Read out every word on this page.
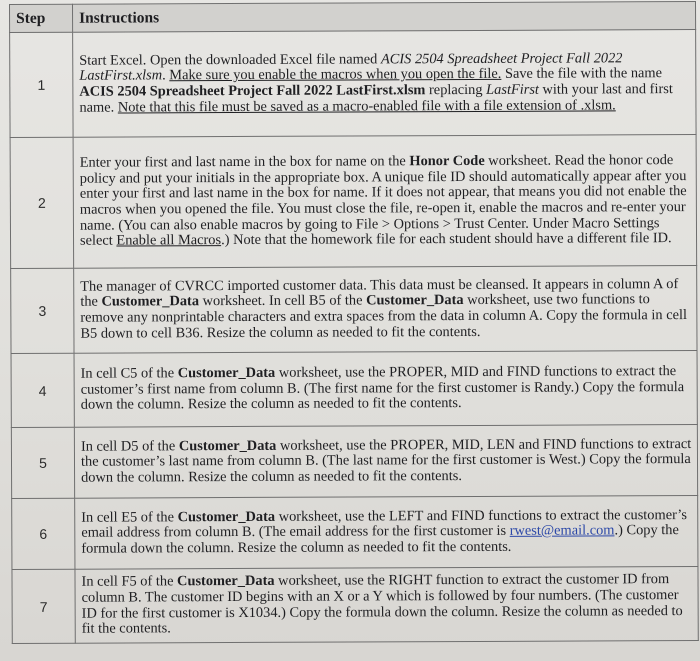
Step	Instructions
1	Start Excel. Open the downloaded Excel file named ACIS 2504 Spreadsheet Project Fall 2022 LastFirst.xlsm. Make sure you enable the macros when you open the file. Save the file with the name ACIS 2504 Spreadsheet Project Fall 2022 LastFirst.xlsm replacing LastFirst with your last and first name. Note that this file must be saved as a macro-enabled file with a file extension of .xlsm.
2	Enter your first and last name in the box for name on the Honor Code worksheet. Read the honor code policy and put your initials in the appropriate box. A unique file ID should automatically appear after you enter your first and last name in the box for name. If it does not appear, that means you did not enable the macros when you opened the file. You must close the file, re-open it, enable the macros and re-enter your name. (You can also enable macros by going to File > Options > Trust Center. Under Macro Settings select Enable all Macros.) Note that the homework file for each student should have a different file ID.
3	The manager of CVRCC imported customer data. This data must be cleansed. It appears in column A of the Customer_Data worksheet. In cell B5 of the Customer_Data worksheet, use two functions to remove any nonprintable characters and extra spaces from the data in column A. Copy the formula in cell B5 down to cell B36. Resize the column as needed to fit the contents.
4	In cell C5 of the Customer_Data worksheet, use the PROPER, MID and FIND functions to extract the customer’s first name from column B. (The first name for the first customer is Randy.) Copy the formula down the column. Resize the column as needed to fit the contents.
5	In cell D5 of the Customer_Data worksheet, use the PROPER, MID, LEN and FIND functions to extract the customer’s last name from column B. (The last name for the first customer is West.) Copy the formula down the column. Resize the column as needed to fit the contents.
6	In cell E5 of the Customer_Data worksheet, use the LEFT and FIND functions to extract the customer’s email address from column B. (The email address for the first customer is rwest@email.com.) Copy the formula down the column. Resize the column as needed to fit the contents.
7	In cell F5 of the Customer_Data worksheet, use the RIGHT function to extract the customer ID from column B. The customer ID begins with an X or a Y which is followed by four numbers. (The customer ID for the first customer is X1034.) Copy the formula down the column. Resize the column as needed to fit the contents.
